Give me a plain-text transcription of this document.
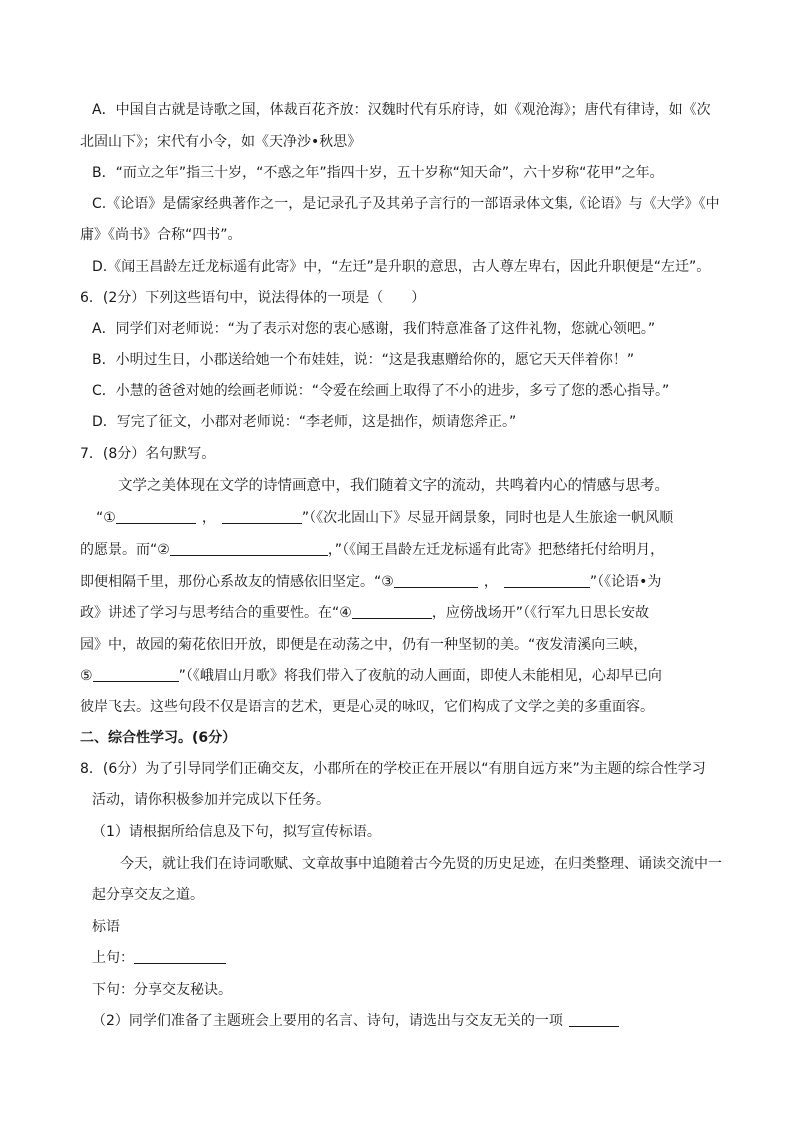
A．中国自古就是诗歌之国，体裁百花齐放：汉魏时代有乐府诗，如《观沧海》；唐代有律诗，如《次
北固山下》；宋代有小令，如《天净沙•秋思》
B．“而立之年”指三十岁，“不惑之年”指四十岁，五十岁称“知天命”，六十岁称“花甲”之年。
C.《论语》是儒家经典著作之一，是记录孔子及其弟子言行的一部语录体文集,《论语》与《大学》《中
庸》《尚书》合称“四书”。
D.《闻王昌龄左迁龙标遥有此寄》中，“左迁”是升职的意思，古人尊左卑右，因此升职便是“左迁”。
6．(2分）下列这些语句中，说法得体的一项是（　　）
A．同学们对老师说：“为了表示对您的衷心感谢，我们特意准备了这件礼物，您就心领吧。”
B．小明过生日，小郡送给她一个布娃娃，说：“这是我惠赠给你的，愿它天天伴着你！”
C．小慧的爸爸对她的绘画老师说：“令爱在绘画上取得了不小的进步，多亏了您的悉心指导。”
D．写完了征文，小郡对老师说：“李老师，这是拙作，烦请您斧正。”
7．(8分）名句默写。
文学之美体现在文学的诗情画意中，我们随着文字的流动，共鸣着内心的情感与思考。
“①	，	”（《次北固山下》尽显开阔景象，同时也是人生旅途一帆风顺
的愿景。而“②	，”（《闻王昌龄左迁龙标遥有此寄》把愁绪托付给明月，
即便相隔千里，那份心系故友的情感依旧坚定。“③	，	”（《论语•为
政》讲述了学习与思考结合的重要性。在“④	，应傍战场开”（《行军九日思长安故
园》中，故园的菊花依旧开放，即便是在动荡之中，仍有一种坚韧的美。“夜发清溪向三峡，
⑤	”（《峨眉山月歌》将我们带入了夜航的动人画面，即使人未能相见，心却早已向
彼岸飞去。这些句段不仅是语言的艺术，更是心灵的咏叹，它们构成了文学之美的多重面容。
二、综合性学习。(6分）
8．(6分）为了引导同学们正确交友，小郡所在的学校正在开展以“有朋自远方来”为主题的综合性学习
活动，请你积极参加并完成以下任务。
（1）请根据所给信息及下句，拟写宣传标语。
今天，就让我们在诗词歌赋、文章故事中追随着古今先贤的历史足迹，在归类整理、诵读交流中一
起分享交友之道。
标语
上句：
下句：分享交友秘诀。
（2）同学们准备了主题班会上要用的名言、诗句，请选出与交友无关的一项
